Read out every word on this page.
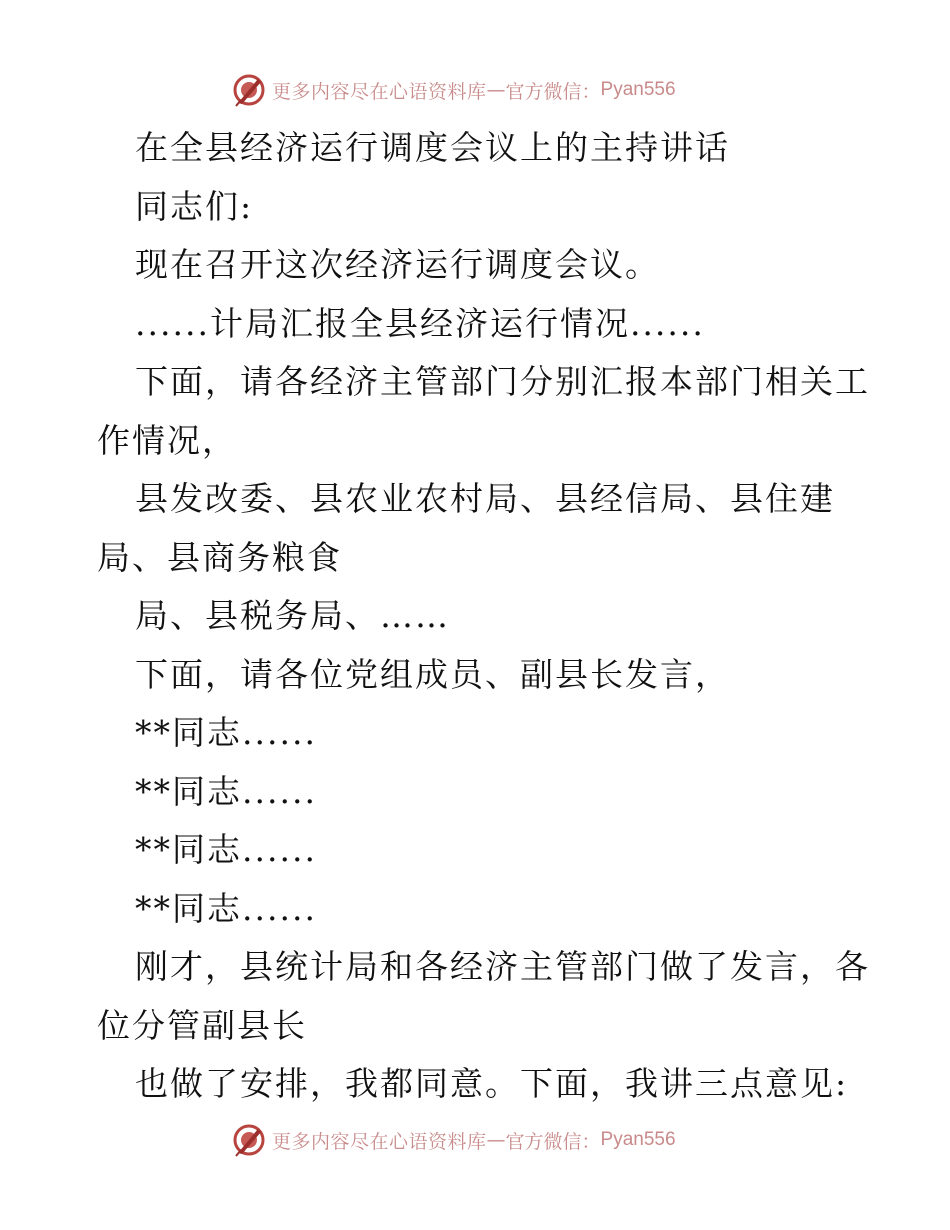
更多内容尽在心语资料库 — 官方微信： Pyan556
在全县经济运行调度会议上的主持讲话
同志们:
现在召开这次经济运行调度会议。
......计局汇报全县经济运行情况......
下面，请各经济主管部门分别汇报本部门相关工
作情况，
县发改委、县农业农村局、县经信局、县住建
局、县商务粮食
局、县税务局、……
下面，请各位党组成员、副县长发言，
**同志......
**同志......
**同志......
**同志......
刚才，县统计局和各经济主管部门做了发言，各
位分管副县长
也做了安排，我都同意。下面，我讲三点意见:
更多内容尽在心语资料库 — 官方微信： Pyan556
